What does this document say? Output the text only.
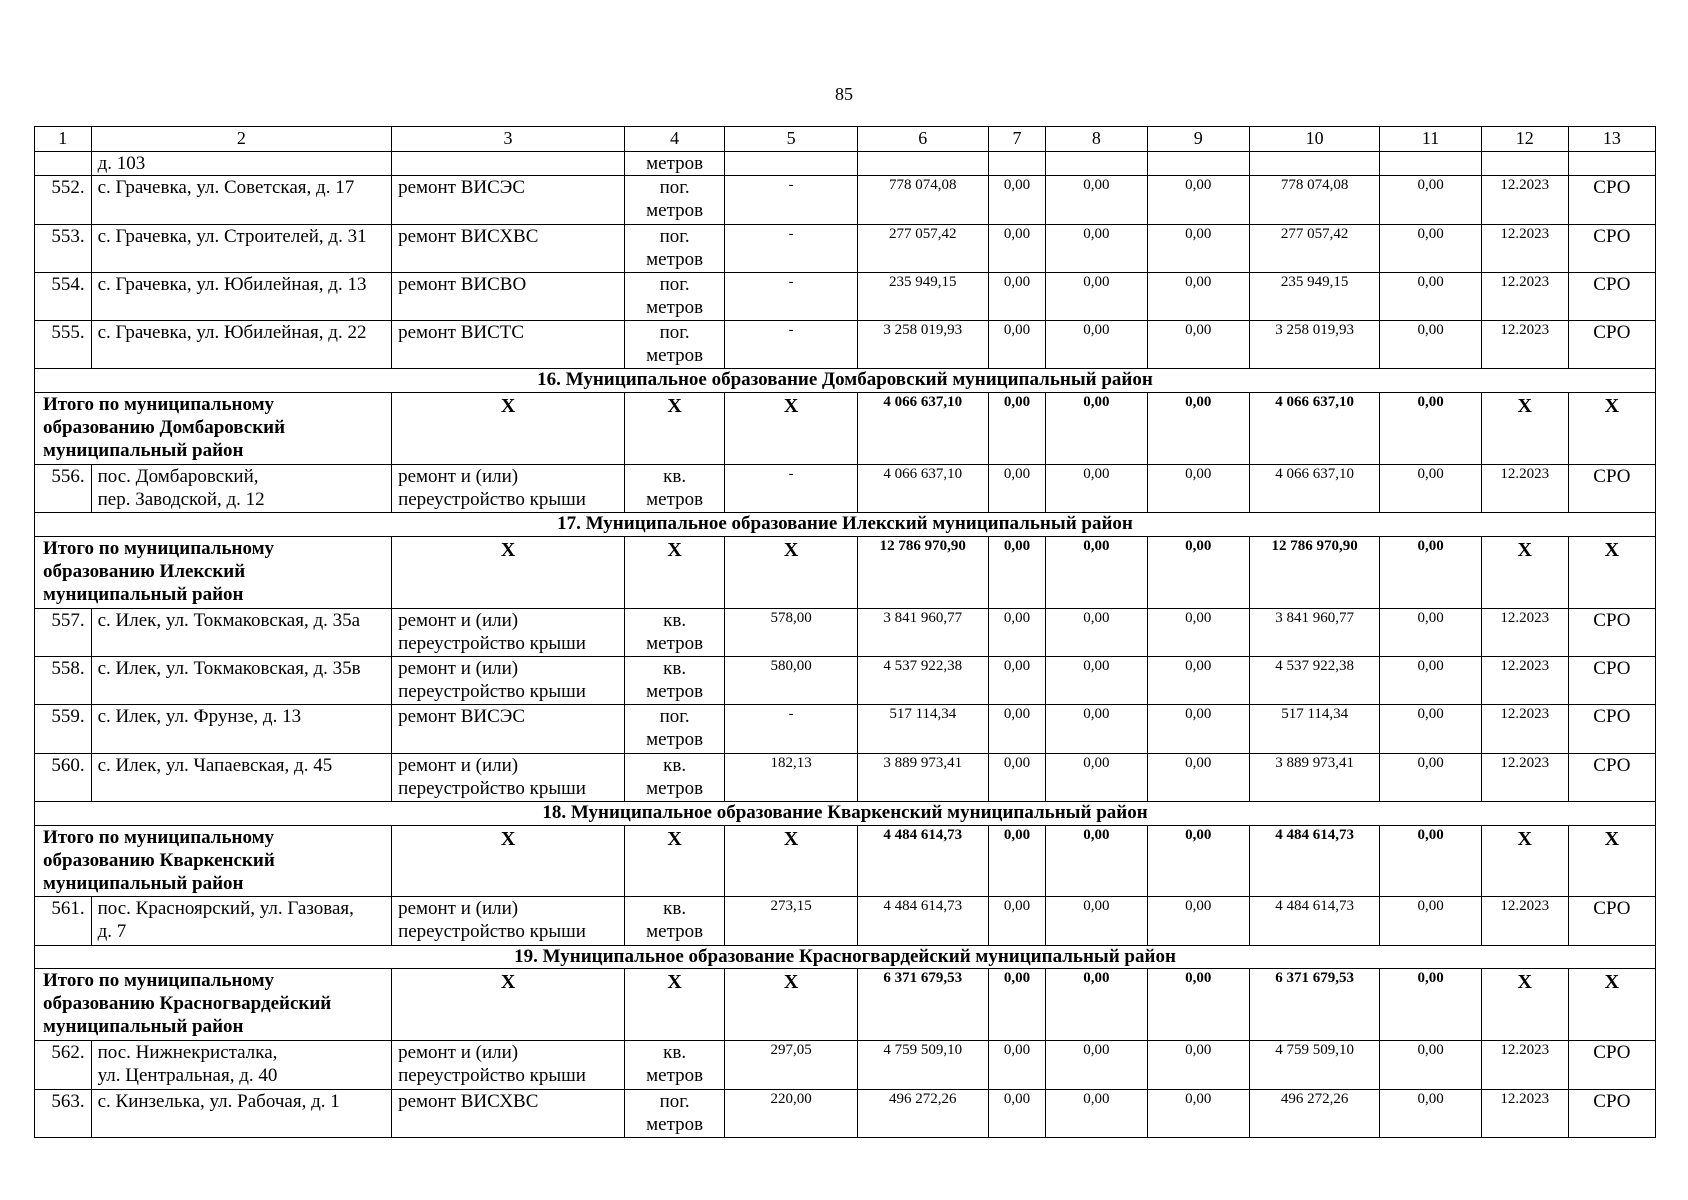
85
1	2	3	4	5	6	7	8	9	10	11	12	13

	д. 103		метров									

552.	с. Грачевка, ул. Советская, д. 17	ремонт ВИСЭС	пог.
метров	-	778 074,08	0,00	0,00	0,00	778 074,08	0,00	12.2023	СРО
553.	с. Грачевка, ул. Строителей, д. 31	ремонт ВИСХВС	пог.
метров	-	277 057,42	0,00	0,00	0,00	277 057,42	0,00	12.2023	СРО
554.	с. Грачевка, ул. Юбилейная, д. 13	ремонт ВИСВО	пог.
метров	-	235 949,15	0,00	0,00	0,00	235 949,15	0,00	12.2023	СРО
555.	с. Грачевка, ул. Юбилейная, д. 22	ремонт ВИСТС	пог.
метров	-	3 258 019,93	0,00	0,00	0,00	3 258 019,93	0,00	12.2023	СРО
16. Муниципальное образование Домбаровский муниципальный район												

Итого по муниципальному
образованию Домбаровский
муниципальный район		X	X	X	4 066 637,10	0,00	0,00	0,00	4 066 637,10	0,00	X	X
556.	пос. Домбаровский,
пер. Заводской, д. 12	ремонт и (или)
переустройство крыши	кв.
метров	-	4 066 637,10	0,00	0,00	0,00	4 066 637,10	0,00	12.2023	СРО
17. Муниципальное образование Илекский муниципальный район												

Итого по муниципальному
образованию Илекский
муниципальный район		X	X	X	12 786 970,90	0,00	0,00	0,00	12 786 970,90	0,00	X	X
557.	с. Илек, ул. Токмаковская, д. 35а	ремонт и (или)
переустройство крыши	кв.
метров	578,00	3 841 960,77	0,00	0,00	0,00	3 841 960,77	0,00	12.2023	СРО
558.	с. Илек, ул. Токмаковская, д. 35в	ремонт и (или)
переустройство крыши	кв.
метров	580,00	4 537 922,38	0,00	0,00	0,00	4 537 922,38	0,00	12.2023	СРО
559.	с. Илек, ул. Фрунзе, д. 13	ремонт ВИСЭС	пог.
метров	-	517 114,34	0,00	0,00	0,00	517 114,34	0,00	12.2023	СРО
560.	с. Илек, ул. Чапаевская, д. 45	ремонт и (или)
переустройство крыши	кв.
метров	182,13	3 889 973,41	0,00	0,00	0,00	3 889 973,41	0,00	12.2023	СРО
18. Муниципальное образование Кваркенский муниципальный район												

Итого по муниципальному
образованию Кваркенский
муниципальный район		X	X	X	4 484 614,73	0,00	0,00	0,00	4 484 614,73	0,00	X	X
561.	пос. Красноярский, ул. Газовая,
д. 7	ремонт и (или)
переустройство крыши	кв.
метров	273,15	4 484 614,73	0,00	0,00	0,00	4 484 614,73	0,00	12.2023	СРО
19. Муниципальное образование Красногвардейский муниципальный район												

Итого по муниципальному
образованию Красногвардейский
муниципальный район		X	X	X	6 371 679,53	0,00	0,00	0,00	6 371 679,53	0,00	X	X
562.	пос. Нижнекристалка,
ул. Центральная, д. 40	ремонт и (или)
переустройство крыши	кв.
метров	297,05	4 759 509,10	0,00	0,00	0,00	4 759 509,10	0,00	12.2023	СРО
563.	с. Кинзелька, ул. Рабочая, д. 1	ремонт ВИСХВС	пог.
метров	220,00	496 272,26	0,00	0,00	0,00	496 272,26	0,00	12.2023	СРО
